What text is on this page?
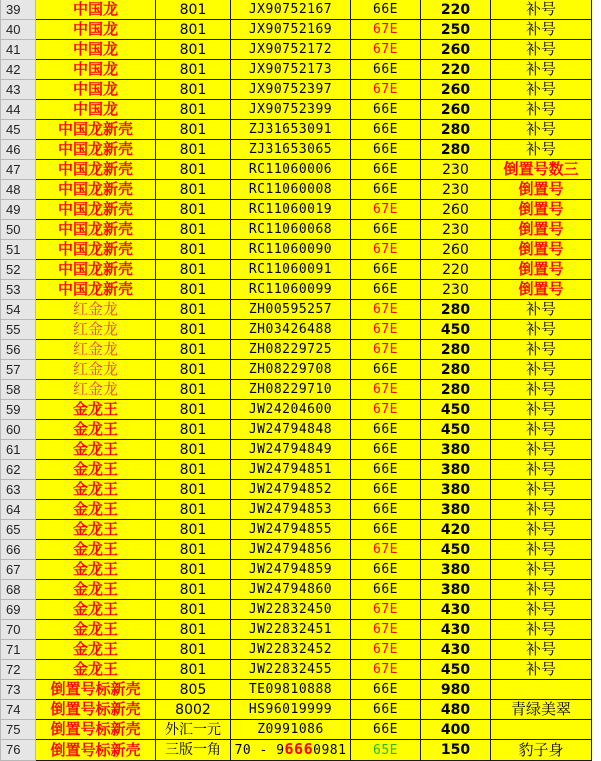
39	中国龙	801	JX90752167	66E	220	补号
40	中国龙	801	JX90752169	67E	250	补号
41	中国龙	801	JX90752172	67E	260	补号
42	中国龙	801	JX90752173	66E	220	补号
43	中国龙	801	JX90752397	67E	260	补号
44	中国龙	801	JX90752399	66E	260	补号
45	中国龙新壳	801	ZJ31653091	66E	280	补号
46	中国龙新壳	801	ZJ31653065	66E	280	补号
47	中国龙新壳	801	RC11060006	66E	230	倒置号数三
48	中国龙新壳	801	RC11060008	66E	230	倒置号
49	中国龙新壳	801	RC11060019	67E	260	倒置号
50	中国龙新壳	801	RC11060068	66E	230	倒置号
51	中国龙新壳	801	RC11060090	67E	260	倒置号
52	中国龙新壳	801	RC11060091	66E	220	倒置号
53	中国龙新壳	801	RC11060099	66E	230	倒置号
54	红金龙	801	ZH00595257	67E	280	补号
55	红金龙	801	ZH03426488	67E	450	补号
56	红金龙	801	ZH08229725	67E	280	补号
57	红金龙	801	ZH08229708	66E	280	补号
58	红金龙	801	ZH08229710	67E	280	补号
59	金龙王	801	JW24204600	67E	450	补号
60	金龙王	801	JW24794848	66E	450	补号
61	金龙王	801	JW24794849	66E	380	补号
62	金龙王	801	JW24794851	66E	380	补号
63	金龙王	801	JW24794852	66E	380	补号
64	金龙王	801	JW24794853	66E	380	补号
65	金龙王	801	JW24794855	66E	420	补号
66	金龙王	801	JW24794856	67E	450	补号
67	金龙王	801	JW24794859	66E	380	补号
68	金龙王	801	JW24794860	66E	380	补号
69	金龙王	801	JW22832450	67E	430	补号
70	金龙王	801	JW22832451	67E	430	补号
71	金龙王	801	JW22832452	67E	430	补号
72	金龙王	801	JW22832455	67E	450	补号
73	倒置号标新壳	805	TE09810888	66E	980	
74	倒置号标新壳	8002	HS96019999	66E	480	青绿美翠
75	倒置号标新壳	外汇一元	Z0991086	66E	400	
76	倒置号标新壳	三版一角	70 - 96660981	65E	150	豹子身
